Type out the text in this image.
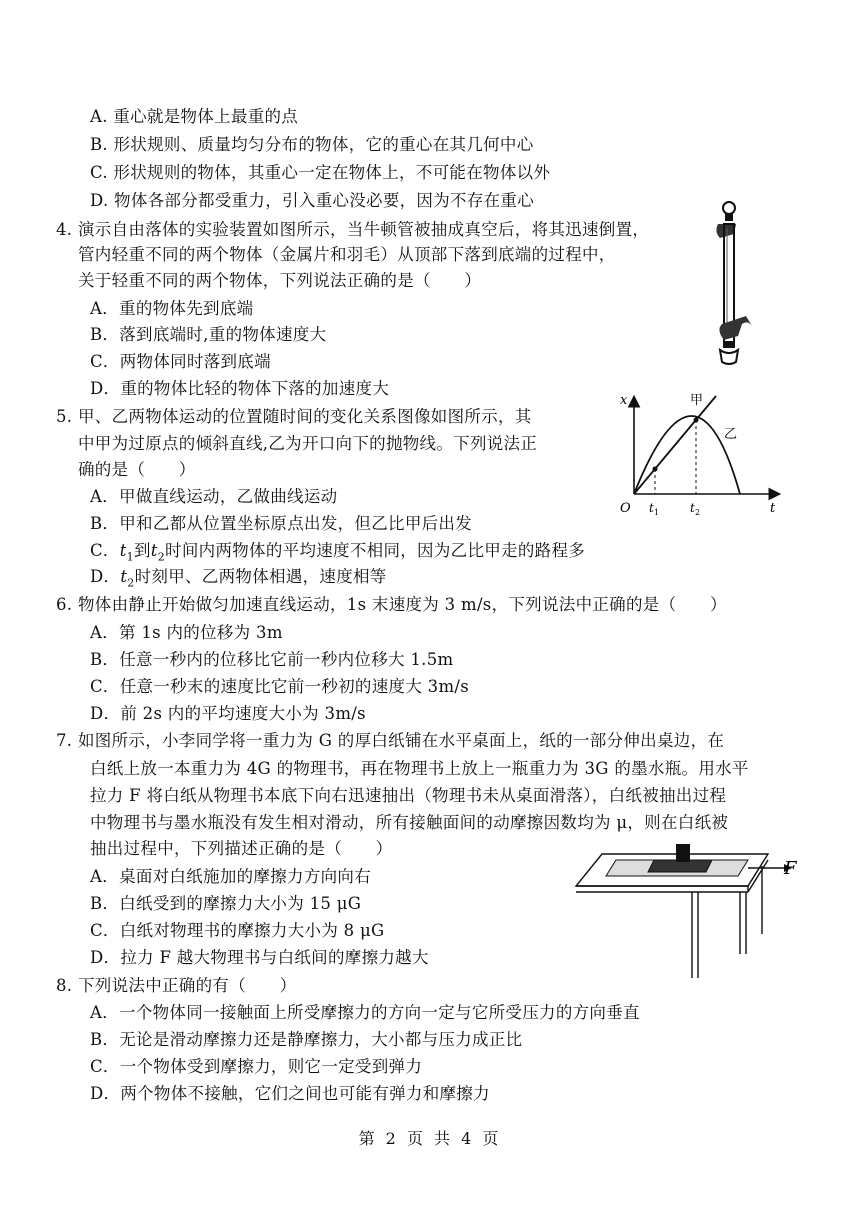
A. 重心就是物体上最重的点
B. 形状规则、质量均匀分布的物体，它的重心在其几何中心
C. 形状规则的物体，其重心一定在物体上，不可能在物体以外
D. 物体各部分都受重力，引入重心没必要，因为不存在重心
4. 演示自由落体的实验装置如图所示，当牛顿管被抽成真空后，将其迅速倒置，
管内轻重不同的两个物体（金属片和羽毛）从顶部下落到底端的过程中，
关于轻重不同的两个物体，下列说法正确的是（　　）
A．重的物体先到底端
B．落到底端时,重的物体速度大
C．两物体同时落到底端
D．重的物体比轻的物体下落的加速度大
5. 甲、乙两物体运动的位置随时间的变化关系图像如图所示，其
中甲为过原点的倾斜直线,乙为开口向下的抛物线。下列说法正
确的是（　　）
A．甲做直线运动，乙做曲线运动
B．甲和乙都从位置坐标原点出发，但乙比甲后出发
C．$t_1$到$t_2$时间内两物体的平均速度不相同，因为乙比甲走的路程多
D．$t_2$时刻甲、乙两物体相遇，速度相等
x
t
O t 1	t 2
甲
乙
6. 物体由静止开始做匀加速直线运动，1s 末速度为 3 m/s，下列说法中正确的是（　　）
A．第 1s 内的位移为 3m
B．任意一秒内的位移比它前一秒内位移大 1.5m
C．任意一秒末的速度比它前一秒初的速度大 3m/s
D．前 2s 内的平均速度大小为 3m/s
7. 如图所示，小李同学将一重力为 G 的厚白纸铺在水平桌面上，纸的一部分伸出桌边，在
白纸上放一本重力为 4G 的物理书，再在物理书上放上一瓶重力为 3G 的墨水瓶。用水平
拉力 F 将白纸从物理书本底下向右迅速抽出（物理书未从桌面滑落），白纸被抽出过程
中物理书与墨水瓶没有发生相对滑动，所有接触面间的动摩擦因数均为 μ，则在白纸被
抽出过程中，下列描述正确的是（　　）
A．桌面对白纸施加的摩擦力方向向右
B．白纸受到的摩擦力大小为 15 μG
C．白纸对物理书的摩擦力大小为 8 μG
D．拉力 F 越大物理书与白纸间的摩擦力越大
F
8. 下列说法中正确的有（　　）
A．一个物体同一接触面上所受摩擦力的方向一定与它所受压力的方向垂直
B．无论是滑动摩擦力还是静摩擦力，大小都与压力成正比
C．一个物体受到摩擦力，则它一定受到弹力
D．两个物体不接触，它们之间也可能有弹力和摩擦力
第 2 页 共 4 页
